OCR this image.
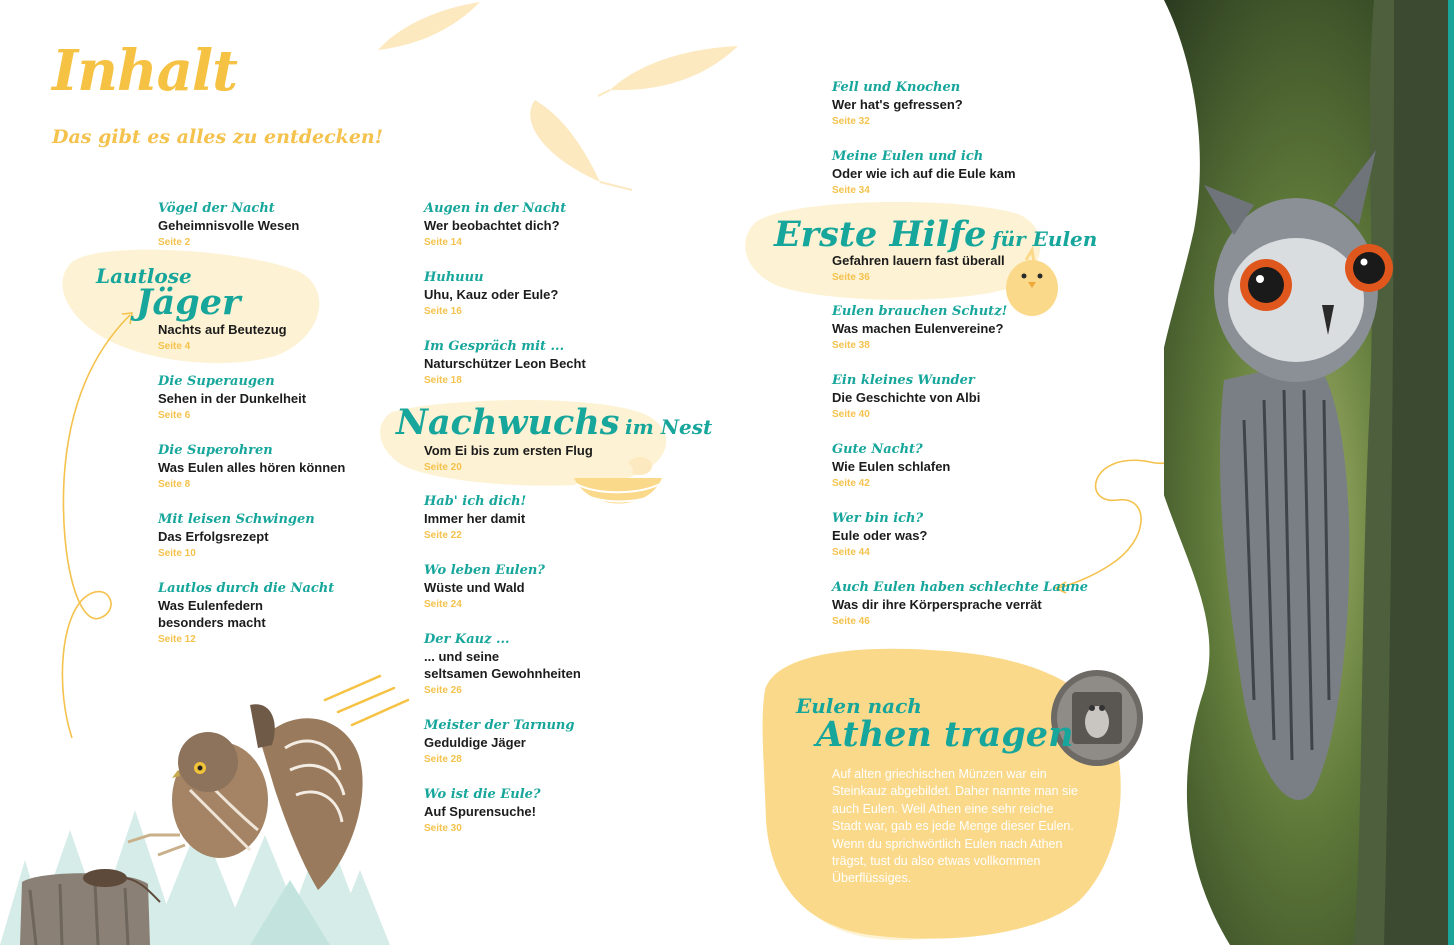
Inhalt
Das gibt es alles zu entdecken!
Lautlose
Jäger
Nachwuchs im Nest
Erste Hilfe für Eulen
Vögel der Nacht
Geheimnisvolle Wesen
Seite 2
Nachts auf Beutezug
Seite 4
Die Superaugen
Sehen in der Dunkelheit
Seite 6
Die Superohren
Was Eulen alles hören können
Seite 8
Mit leisen Schwingen
Das Erfolgsrezept
Seite 10
Lautlos durch die Nacht
Was Eulenfedern
besonders macht
Seite 12
Augen in der Nacht
Wer beobachtet dich?
Seite 14
Huhuuu
Uhu, Kauz oder Eule?
Seite 16
Im Gespräch mit ...
Naturschützer Leon Becht
Seite 18
Vom Ei bis zum ersten Flug
Seite 20
Hab' ich dich!
Immer her damit
Seite 22
Wo leben Eulen?
Wüste und Wald
Seite 24
Der Kauz ...
... und seine
seltsamen Gewohnheiten
Seite 26
Meister der Tarnung
Geduldige Jäger
Seite 28
Wo ist die Eule?
Auf Spurensuche!
Seite 30
Fell und Knochen
Wer hat's gefressen?
Seite 32
Meine Eulen und ich
Oder wie ich auf die Eule kam
Seite 34
Gefahren lauern fast überall
Seite 36
Eulen brauchen Schutz!
Was machen Eulenvereine?
Seite 38
Ein kleines Wunder
Die Geschichte von Albi
Seite 40
Gute Nacht?
Wie Eulen schlafen
Seite 42
Wer bin ich?
Eule oder was?
Seite 44
Auch Eulen haben schlechte Laune
Was dir ihre Körpersprache verrät
Seite 46
Eulen nach
Athen tragen

Auf alten griechischen Münzen war ein Steinkauz abgebildet. Daher nannte man sie auch Eulen. Weil Athen eine sehr reiche Stadt war, gab es jede Menge dieser Eulen. Wenn du sprichwörtlich Eulen nach Athen trägst, tust du also etwas vollkommen Überflüssiges.
